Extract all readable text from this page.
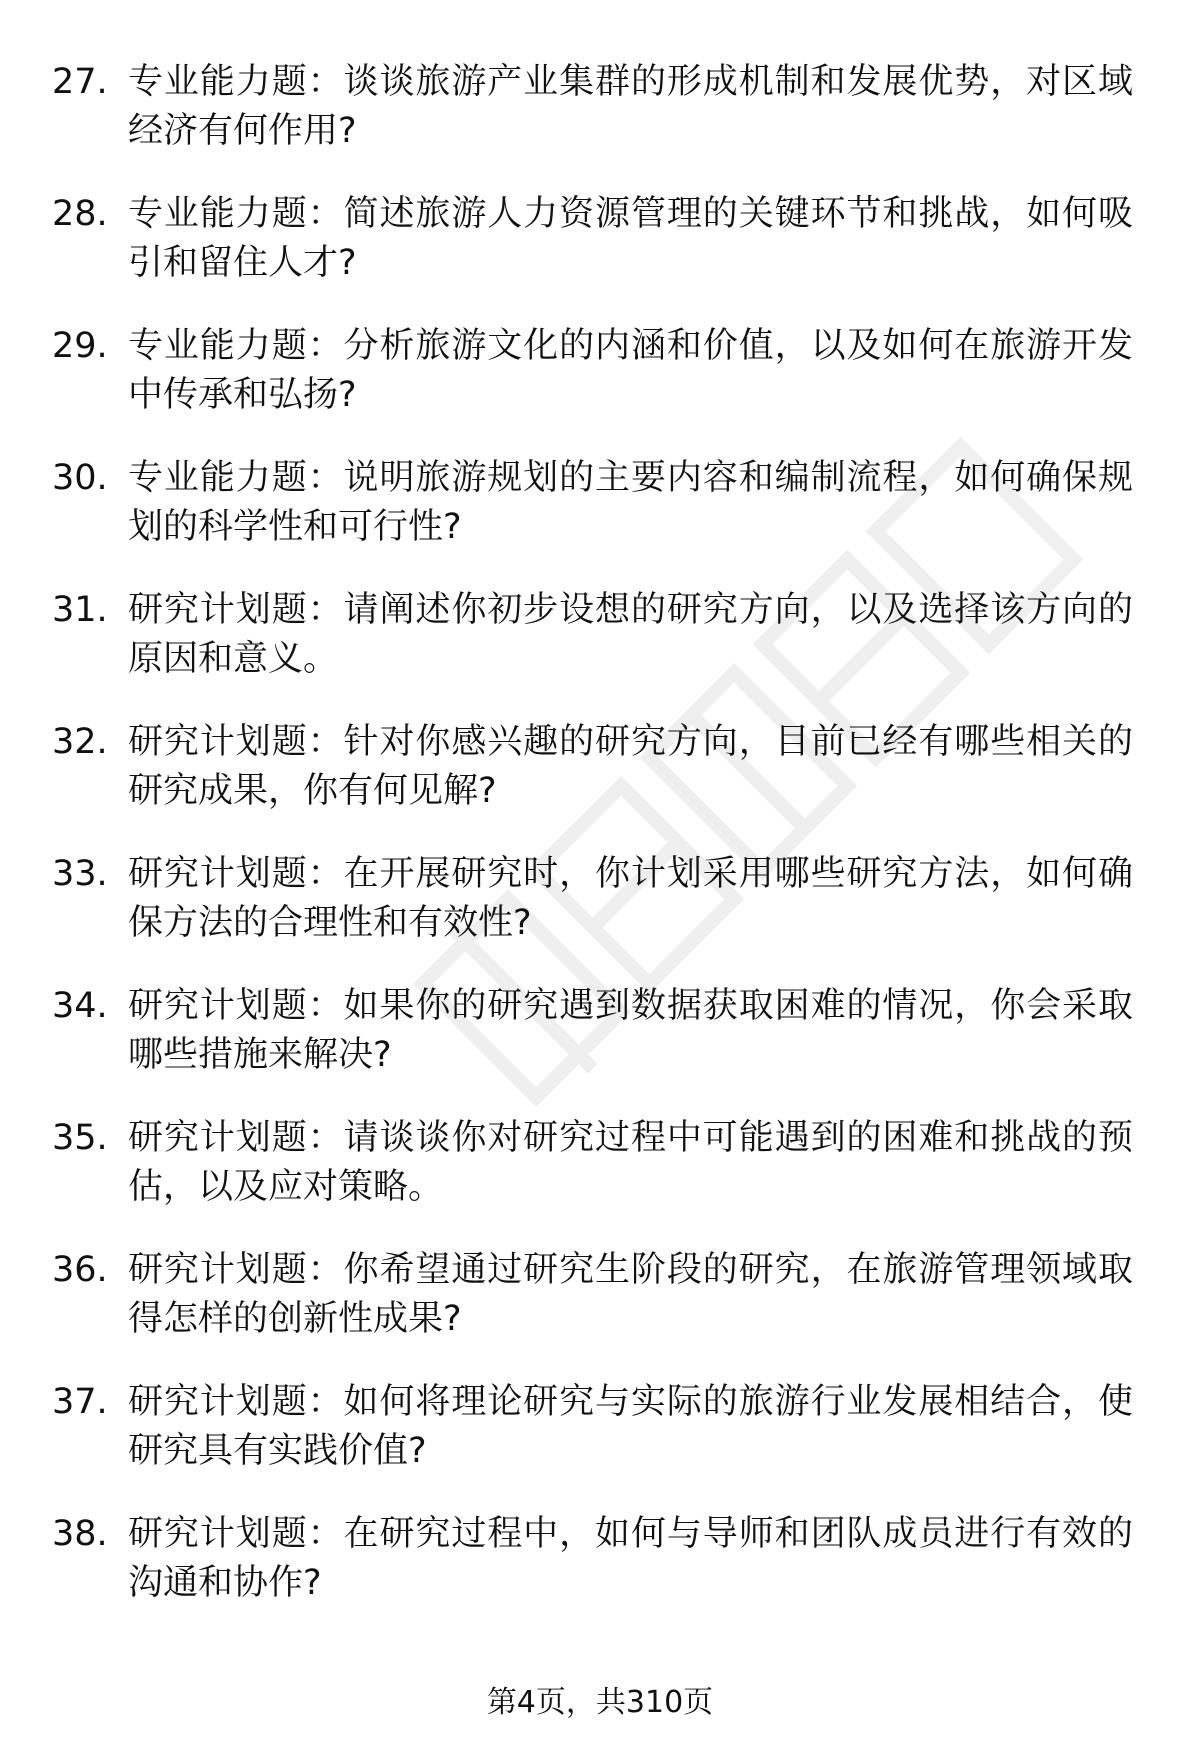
27. 专业能力题：谈谈旅游产业集群的形成机制和发展优势，对区域经济有何作用?

28. 专业能力题：简述旅游人力资源管理的关键环节和挑战，如何吸引和留住人才?

29. 专业能力题：分析旅游文化的内涵和价值，以及如何在旅游开发中传承和弘扬?

30. 专业能力题：说明旅游规划的主要内容和编制流程，如何确保规划的科学性和可行性?

31. 研究计划题：请阐述你初步设想的研究方向，以及选择该方向的原因和意义。

32. 研究计划题：针对你感兴趣的研究方向，目前已经有哪些相关的研究成果，你有何见解?

33. 研究计划题：在开展研究时，你计划采用哪些研究方法，如何确保方法的合理性和有效性?

34. 研究计划题：如果你的研究遇到数据获取困难的情况，你会采取哪些措施来解决?

35. 研究计划题：请谈谈你对研究过程中可能遇到的困难和挑战的预估，以及应对策略。

36. 研究计划题：你希望通过研究生阶段的研究，在旅游管理领域取得怎样的创新性成果?

37. 研究计划题：如何将理论研究与实际的旅游行业发展相结合，使研究具有实践价值?

38. 研究计划题：在研究过程中，如何与导师和团队成员进行有效的沟通和协作?

第4页，共310页
